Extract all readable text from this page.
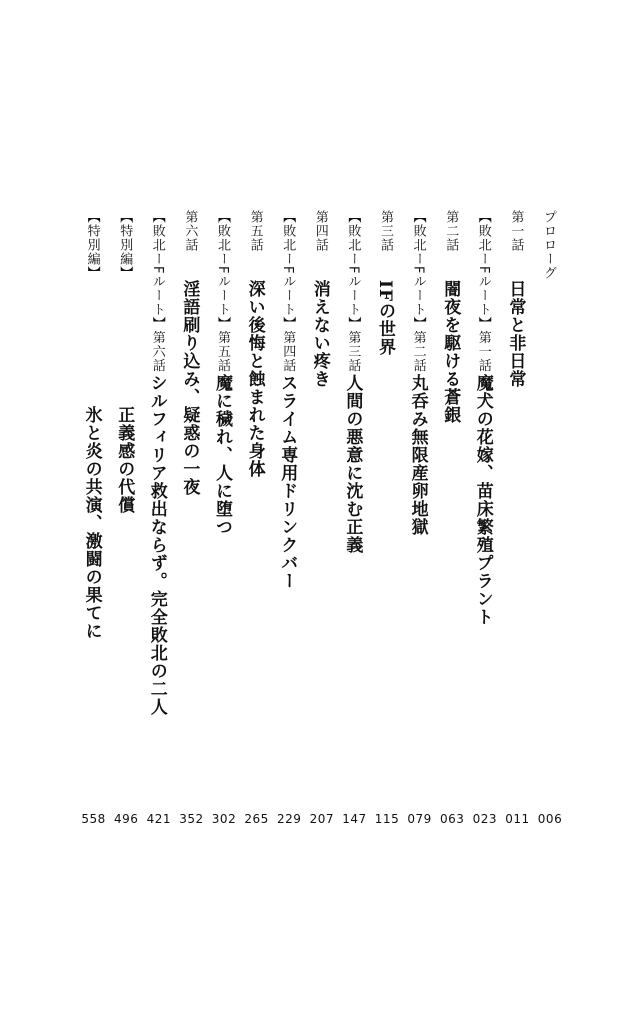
プロローグ
第一話
日常と非日常
【敗北ーFルート】第一話
魔犬の花嫁、苗床繁殖プラント
第二話
闇夜を駆ける蒼銀
【敗北ーFルート】第二話
丸呑み無限産卵地獄
第三話
IFの世界
【敗北ーFルート】第三話
人間の悪意に沈む正義
第四話
消えない疼き
【敗北ーFルート】第四話
スライム専用ドリンクバー
第五話
深い後悔と蝕まれた身体
【敗北ーFルート】第五話
魔に穢れ、人に堕つ
第六話
淫語刷り込み、疑惑の一夜
【敗北ーFルート】第六話
シルフィリア救出ならず。完全敗北の二人
【特別編】
正義感の代償
【特別編】
氷と炎の共演、激闘の果てに
006
011
023
063
079
115
147
207
229
265
302
352
421
496
558
